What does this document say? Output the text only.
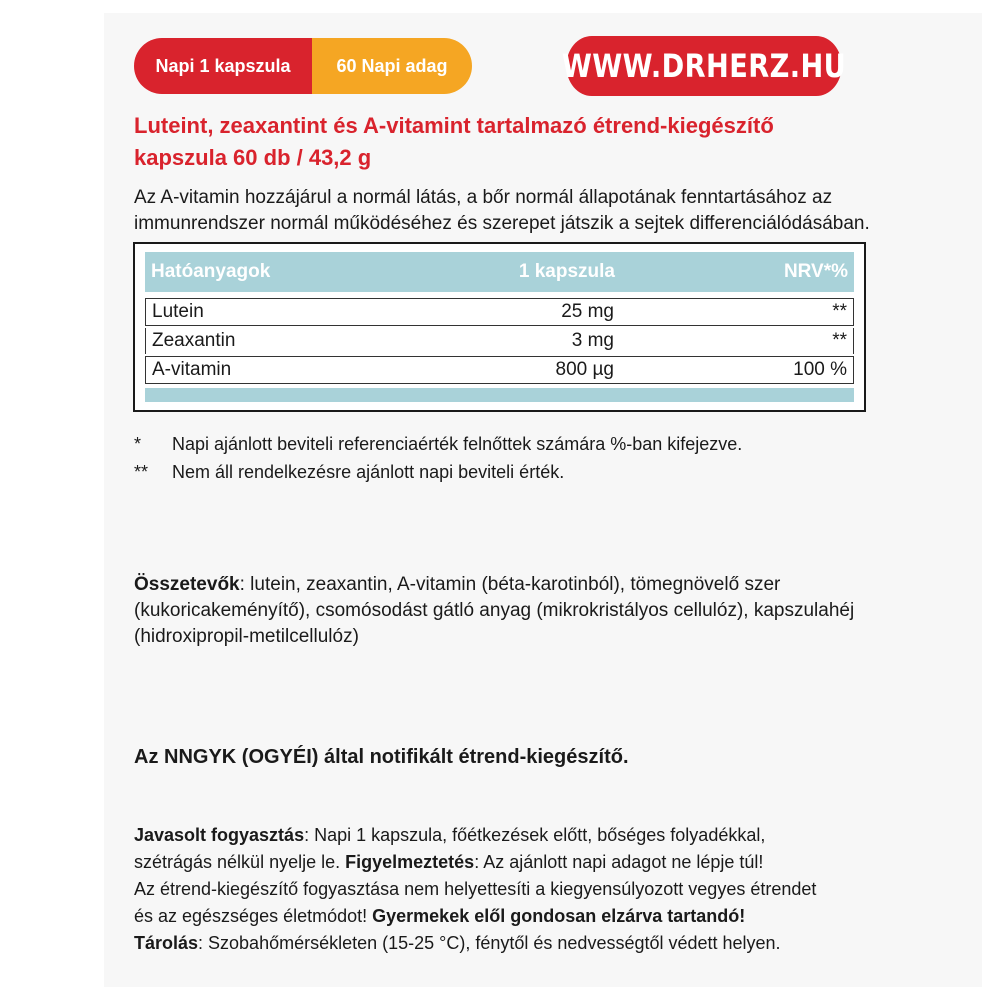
Napi 1 kapszula	60 Napi adag	WWW.DRHERZ.HU
Luteint, zeaxantint és A-vitamint tartalmazó étrend-kiegészítő
kapszula 60 db / 43,2 g
Az A-vitamin hozzájárul a normál látás, a bőr normál állapotának fenntartásához az
immunrendszer normál működéséhez és szerepet játszik a sejtek differenciálódásában.
Hatóanyagok	1 kapszula	NRV*%
Lutein	25 mg	**
Zeaxantin	3 mg	**
A-vitamin	800 µg	100 %
*	Napi ajánlott beviteli referenciaérték felnőttek számára %-ban kifejezve.
**	Nem áll rendelkezésre ajánlott napi beviteli érték.
Összetevők: lutein, zeaxantin, A-vitamin (béta-karotinból), tömegnövelő szer (kukoricakeményítő), csomósodást gátló anyag (mikrokristályos cellulóz), kapszulahéj (hidroxipropil-metilcellulóz)
Az NNGYK (OGYÉI) által notifikált étrend-kiegészítő.

Javasolt fogyasztás: Napi 1 kapszula, főétkezések előtt, bőséges folyadékkal,

szétrágás nélkül nyelje le. Figyelmeztetés: Az ajánlott napi adagot ne lépje túl!

Az étrend-kiegészítő fogyasztása nem helyettesíti a kiegyensúlyozott vegyes étrendet

és az egészséges életmódot! Gyermekek elől gondosan elzárva tartandó!

Tárolás: Szobahőmérsékleten (15-25 °C), fénytől és nedvességtől védett helyen.
